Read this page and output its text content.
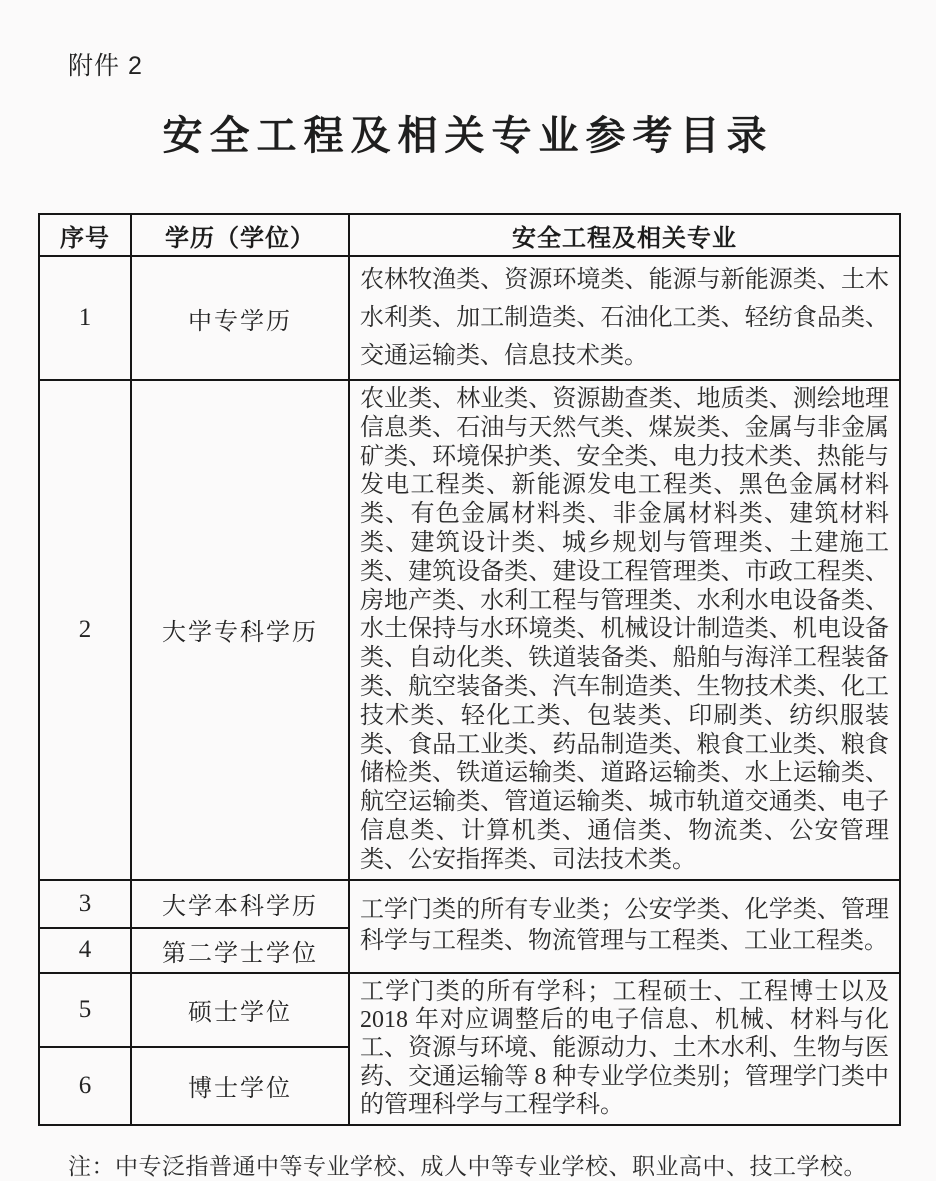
附件 2
安全工程及相关专业参考目录
序号	学历（学位）	安全工程及相关专业
1	中专学历	农林牧渔类、资源环境类、能源与新能源类、土木水利类、加工制造类、石油化工类、轻纺食品类、交通运输类、信息技术类。
2	大学专科学历	农业类、林业类、资源勘查类、地质类、测绘地理信息类、石油与天然气类、煤炭类、金属与非金属矿类、环境保护类、安全类、电力技术类、热能与发电工程类、新能源发电工程类、黑色金属材料类、有色金属材料类、非金属材料类、建筑材料类、建筑设计类、城乡规划与管理类、土建施工类、建筑设备类、建设工程管理类、市政工程类、房地产类、水利工程与管理类、水利水电设备类、水土保持与水环境类、机械设计制造类、机电设备类、自动化类、铁道装备类、船舶与海洋工程装备类、航空装备类、汽车制造类、生物技术类、化工技术类、轻化工类、包装类、印刷类、纺织服装类、食品工业类、药品制造类、粮食工业类、粮食储检类、铁道运输类、道路运输类、水上运输类、航空运输类、管道运输类、城市轨道交通类、电子信息类、计算机类、通信类、物流类、公安管理类、公安指挥类、司法技术类。
3	大学本科学历	工学门类的所有专业类；公安学类、化学类、管理科学与工程类、物流管理与工程类、工业工程类。
4	第二学士学位	
5	硕士学位	工学门类的所有学科；工程硕士、工程博士以及 2018 年对应调整后的电子信息、机械、材料与化工、资源与环境、能源动力、土木水利、生物与医药、交通运输等 8 种专业学位类别；管理学门类中的管理科学与工程学科。
6	博士学位	
注：中专泛指普通中等专业学校、成人中等专业学校、职业高中、技工学校。
